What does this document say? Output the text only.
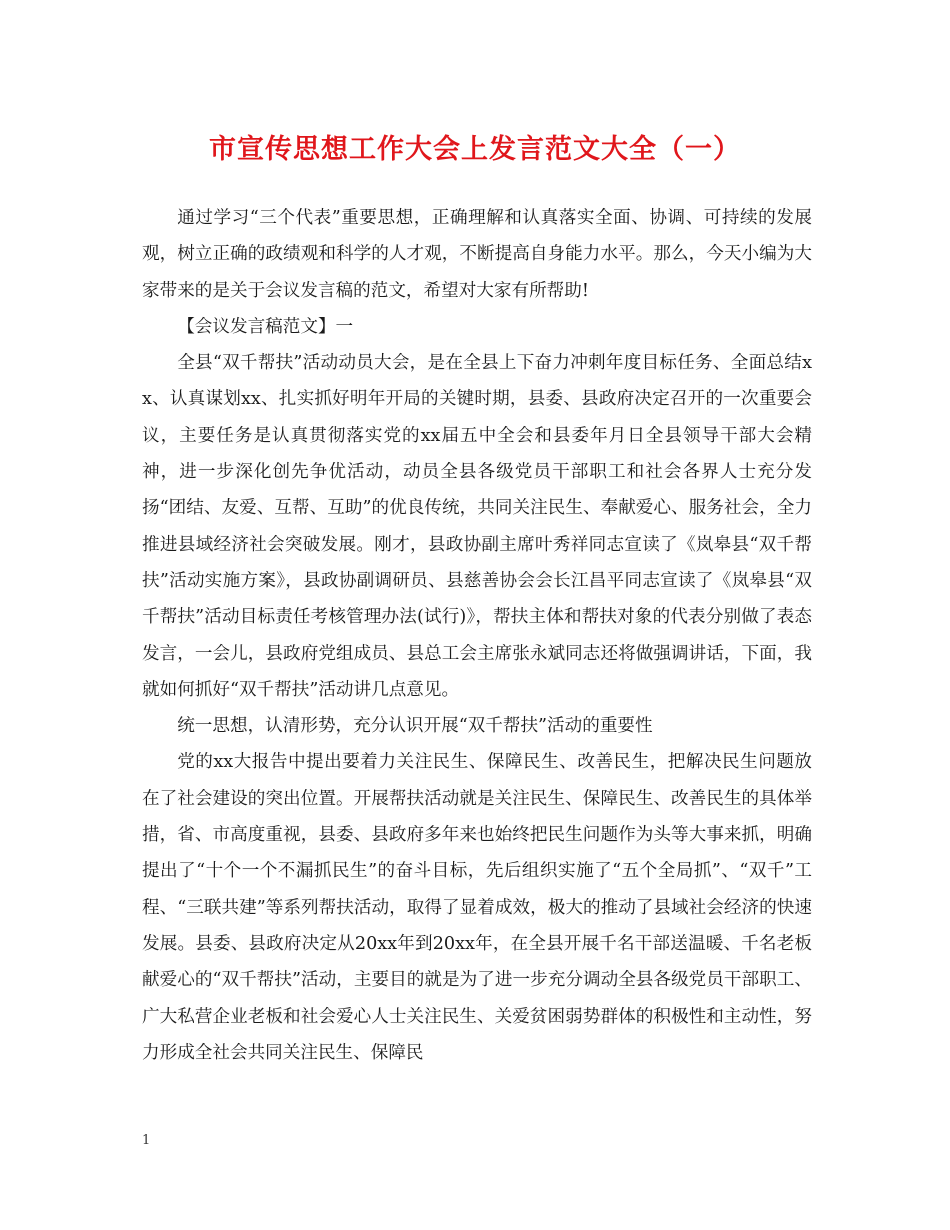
市宣传思想工作大会上发言范文大全（一）

通过学习“三个代表”重要思想，正确理解和认真落实全面、协调、可持续的发展观，树立正确的政绩观和科学的人才观，不断提高自身能力水平。那么，今天小编为大家带来的是关于会议发言稿的范文，希望对大家有所帮助!

【会议发言稿范文】一

全县“双千帮扶”活动动员大会，是在全县上下奋力冲刺年度目标任务、全面总结xx、认真谋划xx、扎实抓好明年开局的关键时期，县委、县政府决定召开的一次重要会议，主要任务是认真贯彻落实党的xx届五中全会和县委年月日全县领导干部大会精神，进一步深化创先争优活动，动员全县各级党员干部职工和社会各界人士充分发扬“团结、友爱、互帮、互助”的优良传统，共同关注民生、奉献爱心、服务社会，全力推进县域经济社会突破发展。刚才，县政协副主席叶秀祥同志宣读了《岚皋县“双千帮扶”活动实施方案》，县政协副调研员、县慈善协会会长江昌平同志宣读了《岚皋县“双千帮扶”活动目标责任考核管理办法(试行)》，帮扶主体和帮扶对象的代表分别做了表态发言，一会儿，县政府党组成员、县总工会主席张永斌同志还将做强调讲话，下面，我就如何抓好“双千帮扶”活动讲几点意见。

统一思想，认清形势，充分认识开展“双千帮扶”活动的重要性

党的xx大报告中提出要着力关注民生、保障民生、改善民生，把解决民生问题放在了社会建设的突出位置。开展帮扶活动就是关注民生、保障民生、改善民生的具体举措，省、市高度重视，县委、县政府多年来也始终把民生问题作为头等大事来抓，明确提出了“十个一个不漏抓民生”的奋斗目标，先后组织实施了“五个全局抓”、“双千”工程、“三联共建”等系列帮扶活动，取得了显着成效，极大的推动了县域社会经济的快速发展。县委、县政府决定从20xx年到20xx年，在全县开展千名干部送温暖、千名老板献爱心的“双千帮扶”活动，主要目的就是为了进一步充分调动全县各级党员干部职工、广大私营企业老板和社会爱心人士关注民生、关爱贫困弱势群体的积极性和主动性，努力形成全社会共同关注民生、保障民

1
